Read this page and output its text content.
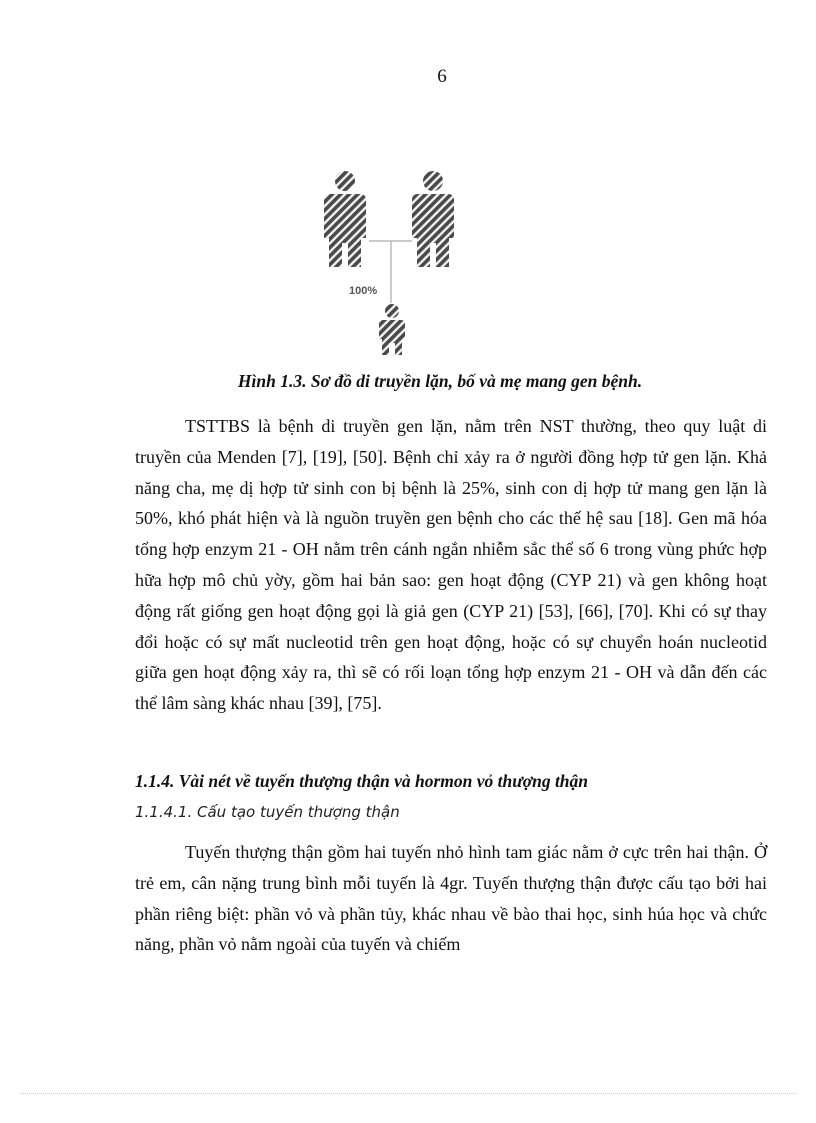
6
100%
Hình 1.3. Sơ đồ di truyền lặn, bố và mẹ mang gen bệnh.

TSTTBS là bệnh di truyền gen lặn, nằm trên NST thường, theo quy luật di truyền của Menden [7], [19], [50]. Bệnh chỉ xảy ra ở người đồng hợp tử gen lặn. Khả năng cha, mẹ dị hợp tử sinh con bị bệnh là 25%, sinh con dị hợp tử mang gen lặn là 50%, khó phát hiện và là nguồn truyền gen bệnh cho các thế hệ sau [18]. Gen mã hóa tổng hợp enzym 21 - OH nằm trên cánh ngắn nhiễm sắc thể số 6 trong vùng phức hợp hữa hợp mô chủ yờy, gồm hai bản sao: gen hoạt động (CYP 21) và gen không hoạt động rất giống gen hoạt động gọi là giả gen (CYP 21) [53], [66], [70]. Khi có sự thay đổi hoặc có sự mất nucleotid trên gen hoạt động, hoặc có sự chuyển hoán nucleotid giữa gen hoạt động xảy ra, thì sẽ có rối loạn tổng hợp enzym 21 - OH và dẫn đến các thể lâm sàng khác nhau [39], [75].

1.1.4. Vài nét về tuyến thượng thận và hormon vỏ thượng thận
1.1.4.1. Cấu tạo tuyến thượng thận

Tuyến thượng thận gồm hai tuyến nhỏ hình tam giác nằm ở cực trên hai thận. Ở trẻ em, cân nặng trung bình mỗi tuyến là 4gr. Tuyến thượng thận được cấu tạo bởi hai phần riêng biệt: phần vỏ và phần tủy, khác nhau về bào thai học, sinh húa học và chức năng, phần vỏ nằm ngoài của tuyến và chiếm
